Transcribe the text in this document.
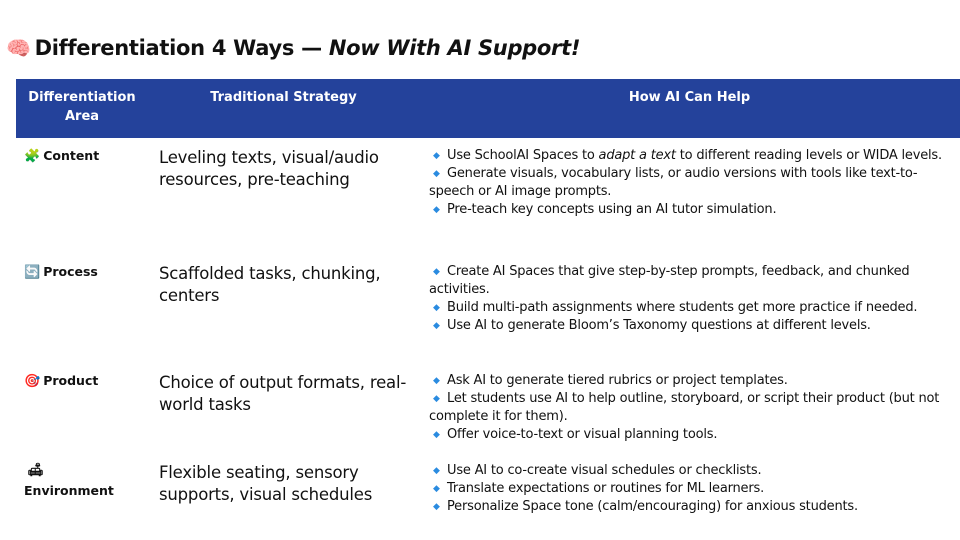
🧠 Differentiation 4 Ways — Now With AI Support!
Differentiation Area	Traditional Strategy	How AI Can Help
🧩 Content	Leveling texts, visual/audio resources, pre-teaching	◆ Use SchoolAI Spaces to adapt a text to different reading levels or WIDA levels.
◆ Generate visuals, vocabulary lists, or audio versions with tools like text-to-speech or AI image prompts.
◆ Pre-teach key concepts using an AI tutor simulation.

🔄 Process	Scaffolded tasks, chunking, centers	◆ Create AI Spaces that give step-by-step prompts, feedback, and chunked activities.
◆ Build multi-path assignments where students get more practice if needed.
◆ Use AI to generate Bloom’s Taxonomy questions at different levels.

🎯 Product	Choice of output formats, real-world tasks	◆ Ask AI to generate tiered rubrics or project templates.
◆ Let students use AI to help outline, storyboard, or script their product (but not complete it for them).
◆ Offer voice-to-text or visual planning tools.

🛋
Environment	Flexible seating, sensory supports, visual schedules	◆ Use AI to co-create visual schedules or checklists.
◆ Translate expectations or routines for ML learners.
◆ Personalize Space tone (calm/encouraging) for anxious students.
